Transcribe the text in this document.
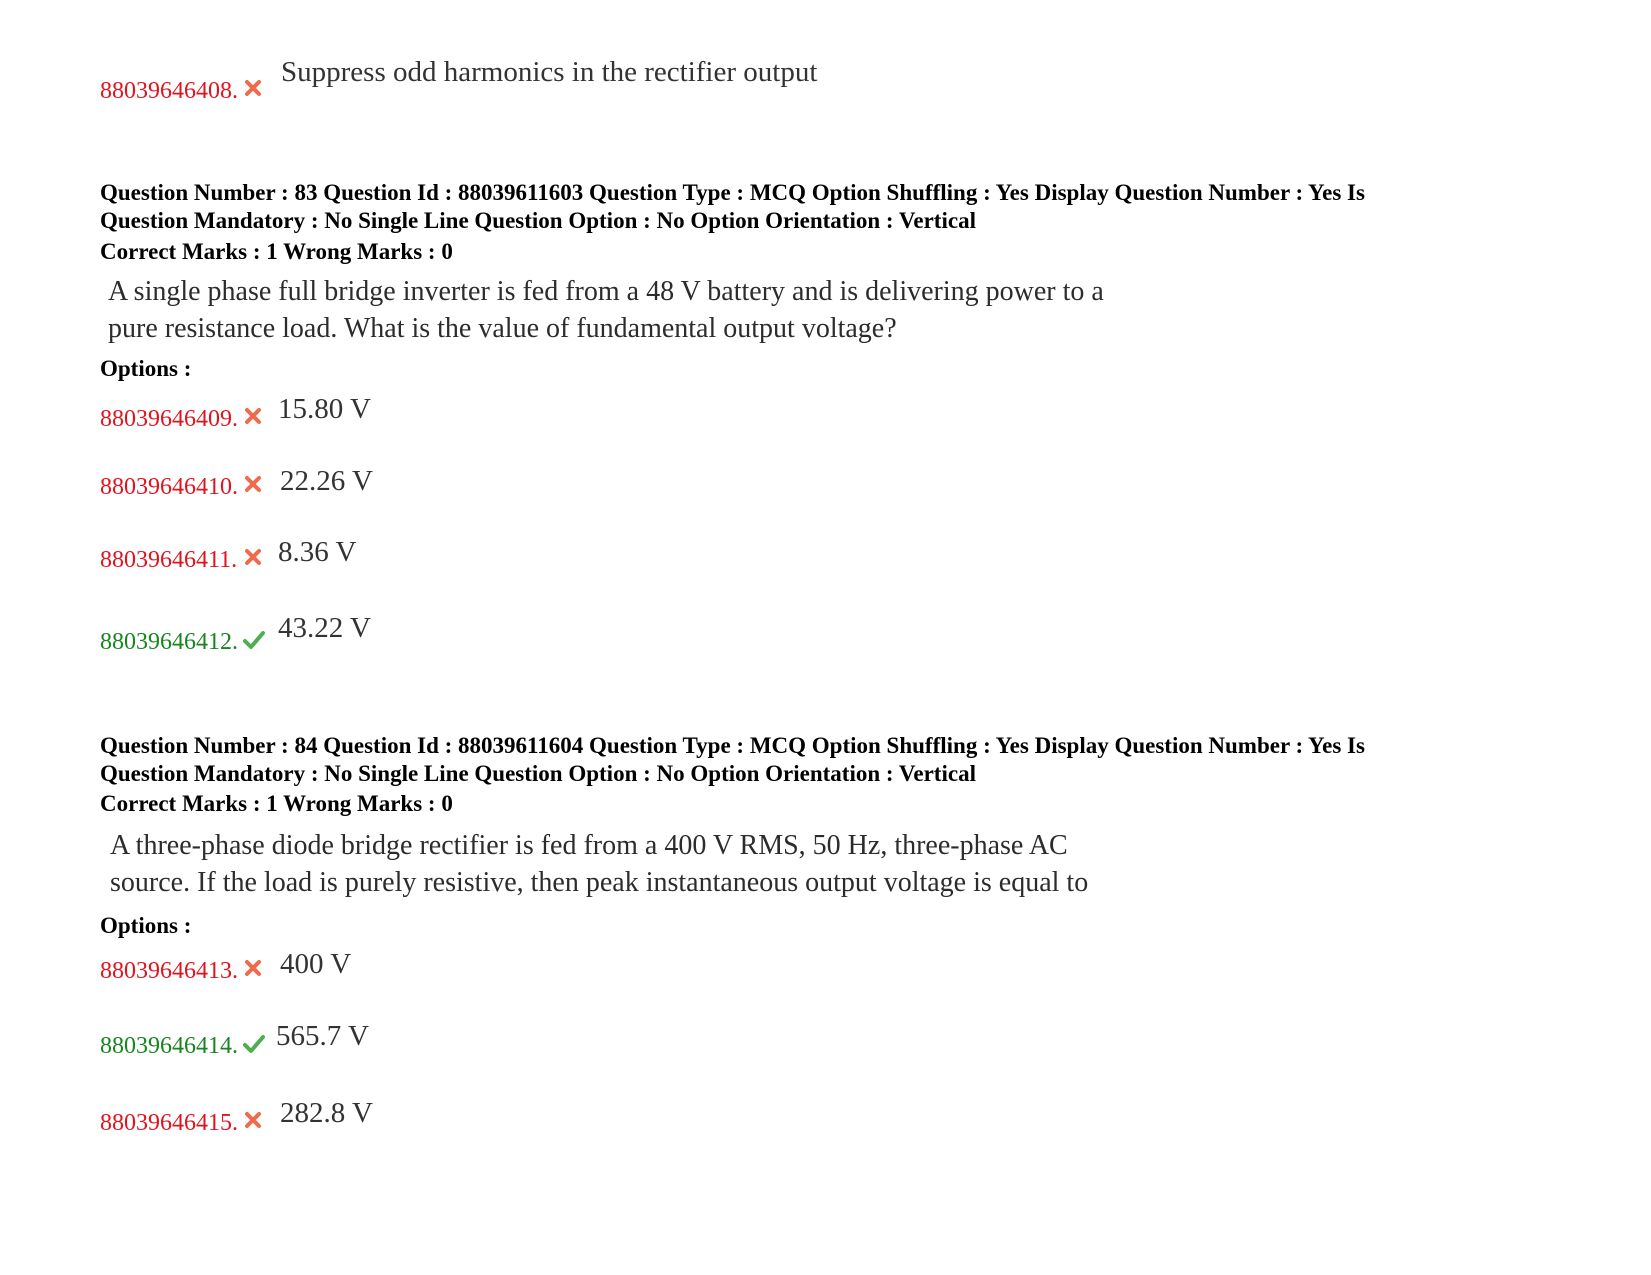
88039646408.
Suppress odd harmonics in the rectifier output
Question Number : 83 Question Id : 88039611603 Question Type : MCQ Option Shuffling : Yes Display Question Number : Yes Is
Question Mandatory : No Single Line Question Option : No Option Orientation : Vertical
Correct Marks : 1 Wrong Marks : 0
A single phase full bridge inverter is fed from a 48 V battery and is delivering power to a
pure resistance load. What is the value of fundamental output voltage?
Options :
88039646409. 15.80 V
88039646410. 22.26 V
88039646411. 8.36 V
88039646412. 43.22 V
Question Number : 84 Question Id : 88039611604 Question Type : MCQ Option Shuffling : Yes Display Question Number : Yes Is
Question Mandatory : No Single Line Question Option : No Option Orientation : Vertical
Correct Marks : 1 Wrong Marks : 0
A three-phase diode bridge rectifier is fed from a 400 V RMS, 50 Hz, three-phase AC
source. If the load is purely resistive, then peak instantaneous output voltage is equal to
Options :
88039646413. 400 V
88039646414. 565.7 V
88039646415. 282.8 V
